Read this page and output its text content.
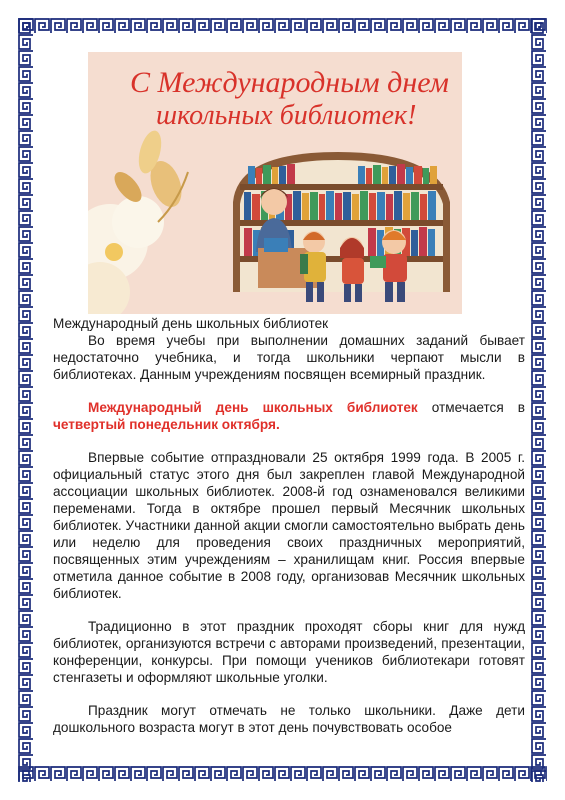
С Международным днем
школьных библиотек!

Международный день школьных библиотек

Во время учебы при выполнении домашних заданий бывает недостаточно учебника, и тогда школьники черпают мысли в библиотеках. Данным учреждениям посвящен всемирный праздник.

Международный день школьных библиотек отмечается в четвертый понедельник октября.

Впервые событие отпраздновали 25 октября 1999 года. В 2005 г. официальный статус этого дня был закреплен главой Международной ассоциации школьных библиотек. 2008-й год ознаменовался великими переменами. Тогда в октябре прошел первый Месячник школьных библиотек. Участники данной акции смогли самостоятельно выбрать день или неделю для проведения своих праздничных мероприятий, посвященных этим учреждениям – хранилищам книг. Россия впервые отметила данное событие в 2008 году, организовав Месячник школьных библиотек.

Традиционно в этот праздник проходят сборы книг для нужд библиотек, организуются встречи с авторами произведений, презентации, конференции, конкурсы. При помощи учеников библиотекари готовят стенгазеты и оформляют школьные уголки.

Праздник могут отмечать не только школьники. Даже дети дошкольного возраста могут в этот день почувствовать особое
